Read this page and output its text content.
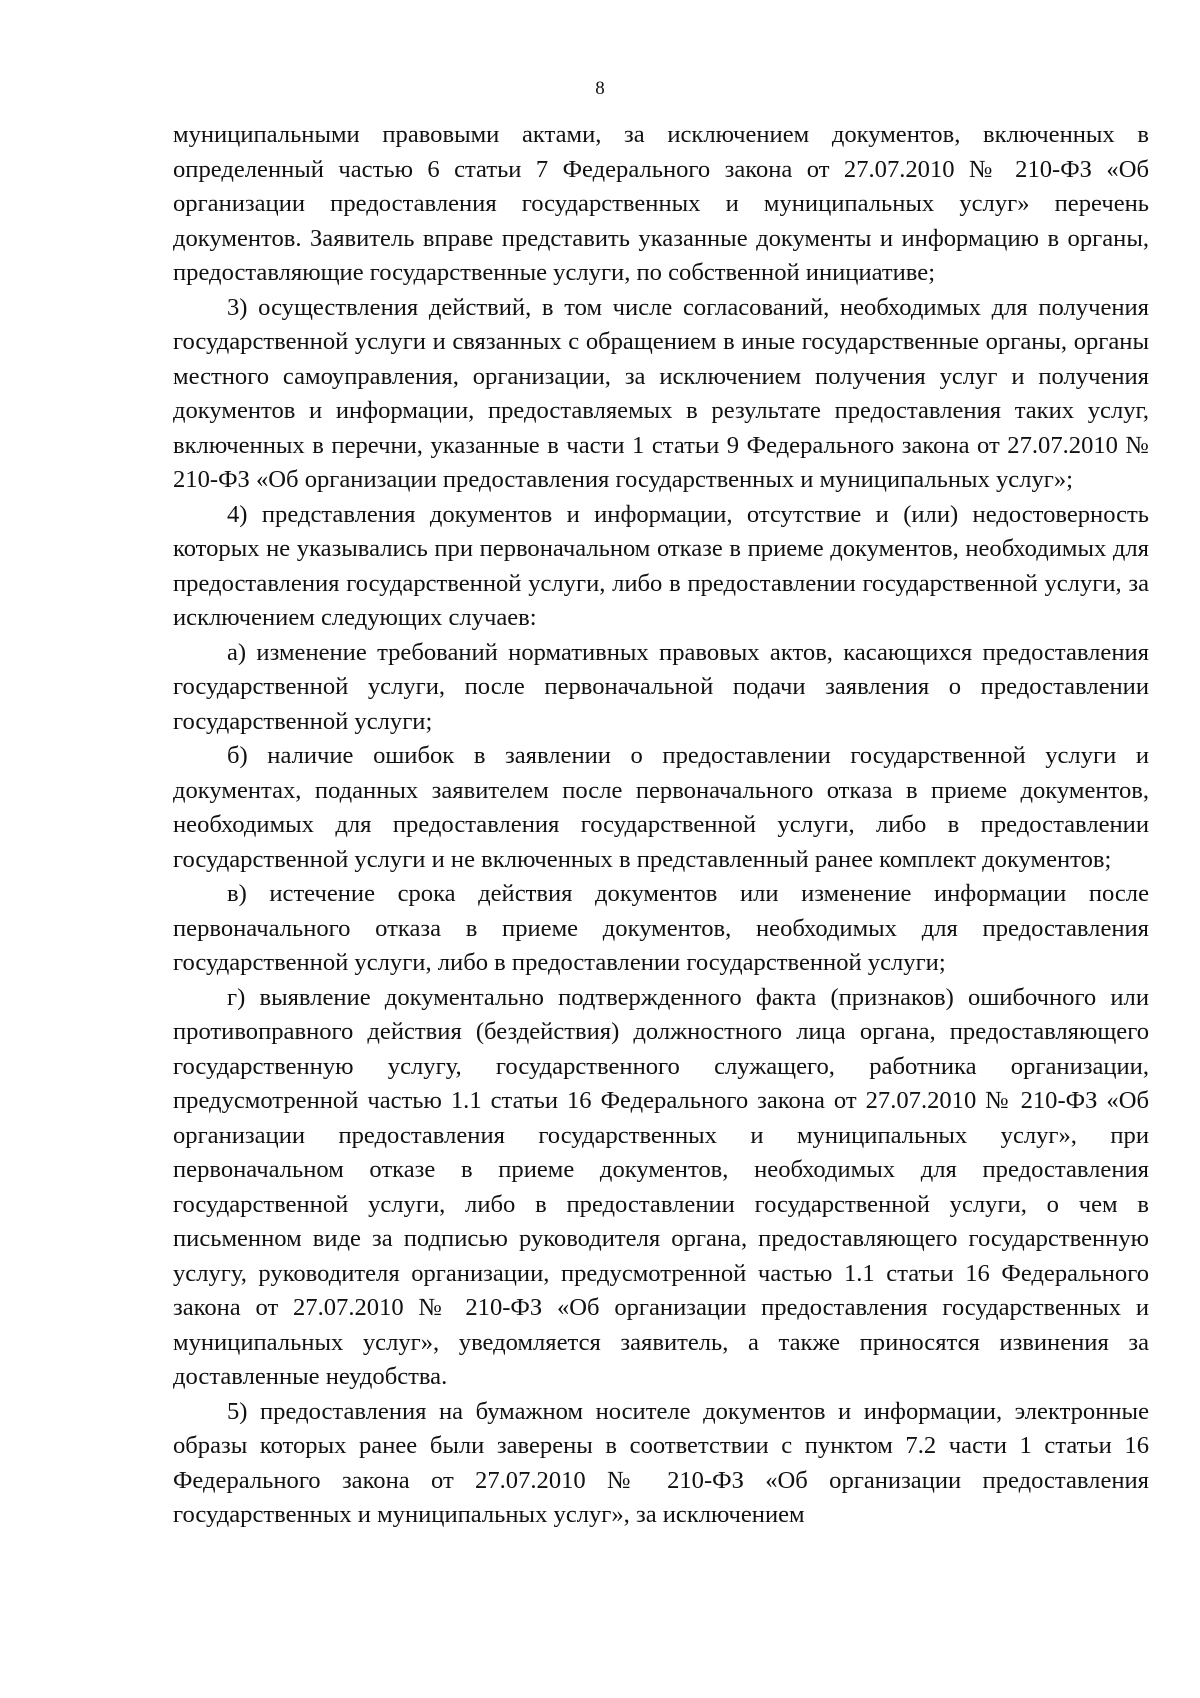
8

муниципальными правовыми актами, за исключением документов, включенных в определенный частью 6 статьи 7 Федерального закона от 27.07.2010 № 210-ФЗ «Об организации предоставления государственных и муниципальных услуг» перечень документов. Заявитель вправе представить указанные документы и информацию в органы, предоставляющие государственные услуги, по собственной инициативе;

3) осуществления действий, в том числе согласований, необходимых для получения государственной услуги и связанных с обращением в иные государственные органы, органы местного самоуправления, организации, за исключением получения услуг и получения документов и информации, предоставляемых в результате предоставления таких услуг, включенных в перечни, указанные в части 1 статьи 9 Федерального закона от 27.07.2010 № 210-ФЗ «Об организации предоставления государственных и муниципальных услуг»;

4) представления документов и информации, отсутствие и (или) недостоверность которых не указывались при первоначальном отказе в приеме документов, необходимых для предоставления государственной услуги, либо в предоставлении государственной услуги, за исключением следующих случаев:

а) изменение требований нормативных правовых актов, касающихся предоставления государственной услуги, после первоначальной подачи заявления о предоставлении государственной услуги;

б) наличие ошибок в заявлении о предоставлении государственной услуги и документах, поданных заявителем после первоначального отказа в приеме документов, необходимых для предоставления государственной услуги, либо в предоставлении государственной услуги и не включенных в представленный ранее комплект документов;

в) истечение срока действия документов или изменение информации после первоначального отказа в приеме документов, необходимых для предоставления государственной услуги, либо в предоставлении государственной услуги;

г) выявление документально подтвержденного факта (признаков) ошибочного или противоправного действия (бездействия) должностного лица органа, предоставляющего государственную услугу, государственного служащего, работника организации, предусмотренной частью 1.1 статьи 16 Федерального закона от 27.07.2010 № 210-ФЗ «Об организации предоставления государственных и муниципальных услуг», при первоначальном отказе в приеме документов, необходимых для предоставления государственной услуги, либо в предоставлении государственной услуги, о чем в письменном виде за подписью руководителя органа, предоставляющего государственную услугу, руководителя организации, предусмотренной частью 1.1 статьи 16 Федерального закона от 27.07.2010 № 210-ФЗ «Об организации предоставления государственных и муниципальных услуг», уведомляется заявитель, а также приносятся извинения за доставленные неудобства.

5) предоставления на бумажном носителе документов и информации, электронные образы которых ранее были заверены в соответствии с пунктом 7.2 части 1 статьи 16 Федерального закона от 27.07.2010 № 210-ФЗ «Об организации предоставления государственных и муниципальных услуг», за исключением
